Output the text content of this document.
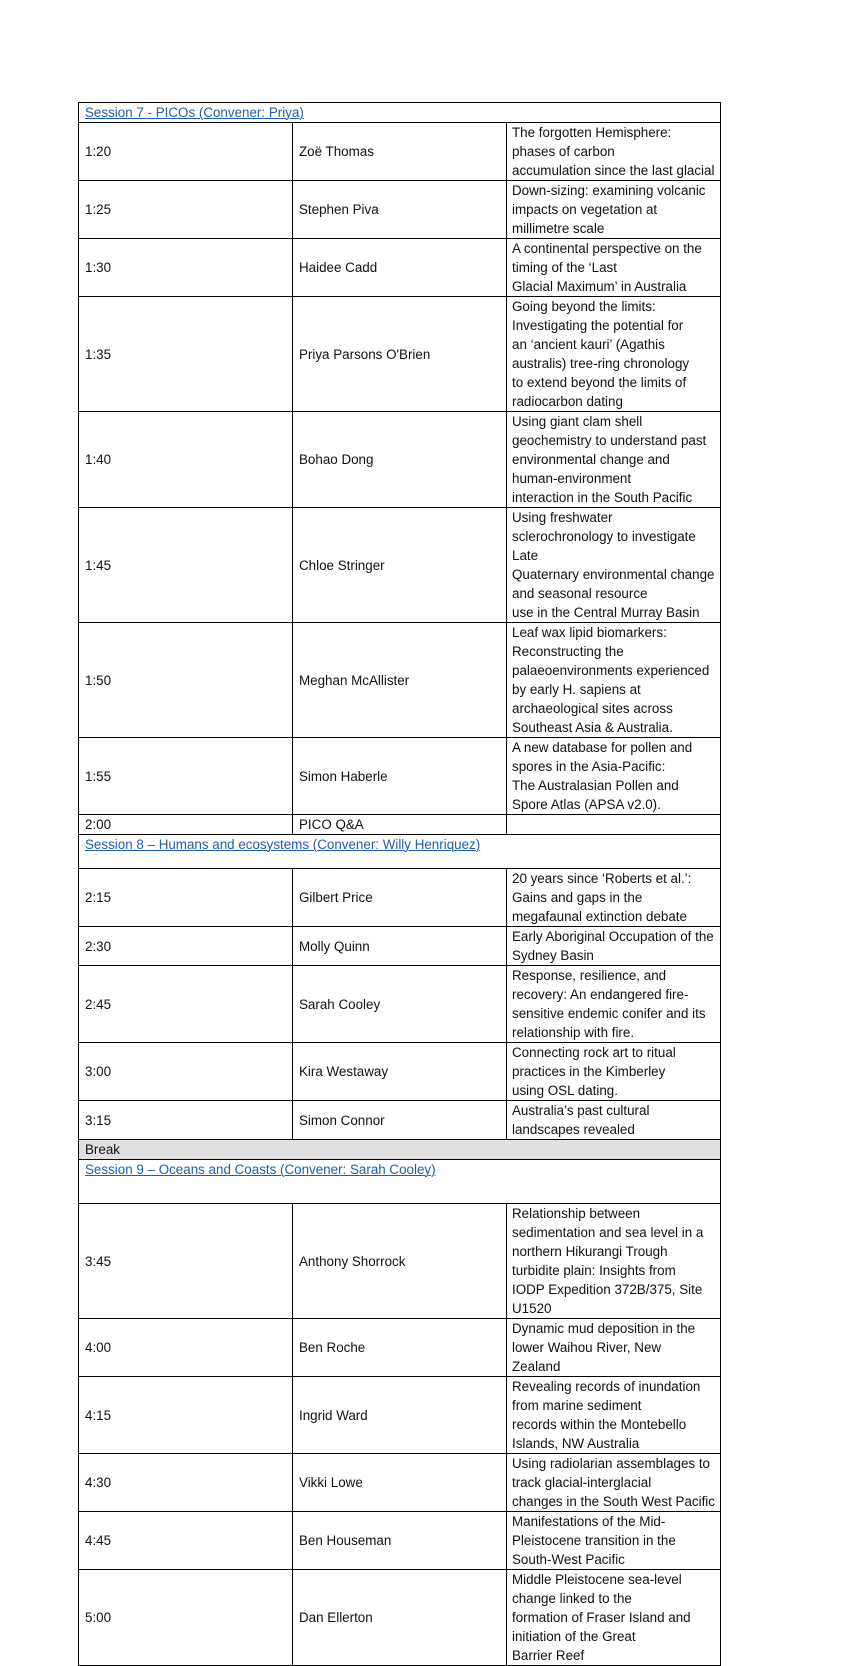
Session 7 - PICOs (Convener: Priya)		
1:20	Zoë Thomas	The forgotten Hemisphere: phases of carbon
accumulation since the last glacial

1:25	Stephen Piva	Down-sizing: examining volcanic impacts on vegetation at
millimetre scale

1:30	Haidee Cadd	A continental perspective on the timing of the ‘Last
Glacial Maximum’ in Australia

1:35	Priya Parsons O'Brien	Going beyond the limits: Investigating the potential for
an ‘ancient kauri’ (Agathis australis) tree-ring chronology
to extend beyond the limits of radiocarbon dating

1:40	Bohao Dong	Using giant clam shell geochemistry to understand past
environmental change and human-environment
interaction in the South Pacific

1:45	Chloe Stringer	Using freshwater sclerochronology to investigate Late
Quaternary environmental change and seasonal resource
use in the Central Murray Basin

1:50	Meghan McAllister	Leaf wax lipid biomarkers: Reconstructing the
palaeoenvironments experienced by early H. sapiens at
archaeological sites across Southeast Asia & Australia.

1:55	Simon Haberle	A new database for pollen and spores in the Asia-Pacific:
The Australasian Pollen and Spore Atlas (APSA v2.0).

2:00	PICO Q&A	
Session 8 – Humans and ecosystems (Convener: Willy Henriquez)		
2:15	Gilbert Price	20 years since ‘Roberts et al.’: Gains and gaps in the
megafaunal extinction debate

2:30	Molly Quinn	Early Aboriginal Occupation of the Sydney Basin

2:45	Sarah Cooley	Response, resilience, and recovery: An endangered fire-
sensitive endemic conifer and its relationship with fire.

3:00	Kira Westaway	Connecting rock art to ritual practices in the Kimberley
using OSL dating.

3:15	Simon Connor	Australia’s past cultural landscapes revealed

Break		
Session 9 – Oceans and Coasts (Convener: Sarah Cooley)		
3:45	Anthony Shorrock	Relationship between sedimentation and sea level in a
northern Hikurangi Trough turbidite plain: Insights from
IODP Expedition 372B/375, Site U1520

4:00	Ben Roche	Dynamic mud deposition in the lower Waihou River, New
Zealand

4:15	Ingrid Ward	Revealing records of inundation from marine sediment
records within the Montebello Islands, NW Australia

4:30	Vikki Lowe	Using radiolarian assemblages to track glacial-interglacial
changes in the South West Pacific

4:45	Ben Houseman	Manifestations of the Mid-Pleistocene transition in the
South-West Pacific

5:00	Dan Ellerton	Middle Pleistocene sea-level change linked to the
formation of Fraser Island and initiation of the Great
Barrier Reef
